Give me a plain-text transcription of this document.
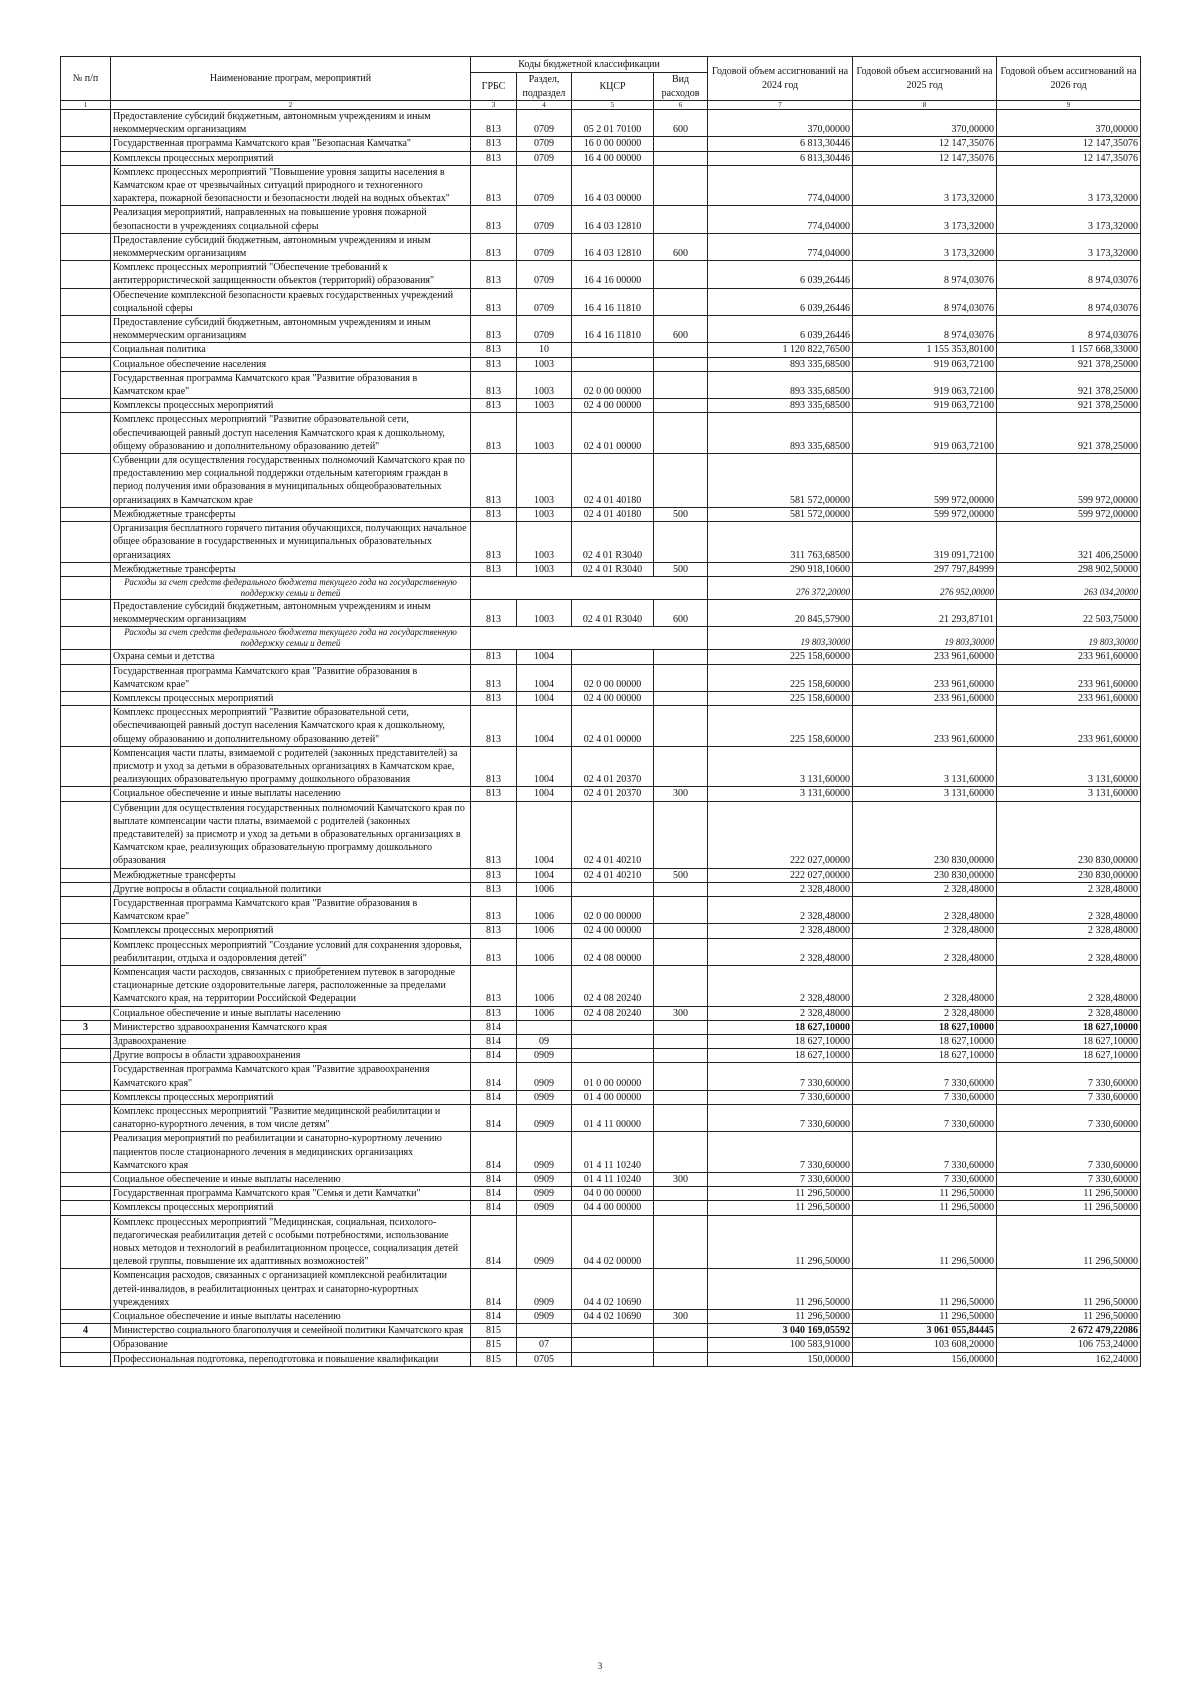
№ п/п	Наименование програм, мероприятий	Коды бюджетной классификации				Годовой объем ассигнований на 2024 год	Годовой объем ассигнований на 2025 год	Годовой объем ассигнований на 2026 год
		ГРБС	Раздел, подраздел	КЦСР	Вид расходов			
1	2	3	4	5	6	7	8	9
	Предоставление субсидий бюджетным, автономным учреждениям и иным некоммерческим организациям	813	0709	05 2 01 70100	600	370,00000	370,00000	370,00000
	Государственная программа Камчатского края "Безопасная Камчатка"	813	0709	16 0 00 00000		6 813,30446	12 147,35076	12 147,35076
	Комплексы процессных мероприятий	813	0709	16 4 00 00000		6 813,30446	12 147,35076	12 147,35076
	Комплекс процессных мероприятий "Повышение уровня защиты населения в Камчатском крае от чрезвычайных ситуаций природного и техногенного характера, пожарной безопасности и безопасности людей на водных объектах"	813	0709	16 4 03 00000		774,04000	3 173,32000	3 173,32000
	Реализация мероприятий, направленных на повышение уровня пожарной безопасности в учреждениях социальной сферы	813	0709	16 4 03 12810		774,04000	3 173,32000	3 173,32000
	Предоставление субсидий бюджетным, автономным учреждениям и иным некоммерческим организациям	813	0709	16 4 03 12810	600	774,04000	3 173,32000	3 173,32000
	Комплекс процессных мероприятий "Обеспечение требований к антитеррористической защищенности объектов (территорий) образования"	813	0709	16 4 16 00000		6 039,26446	8 974,03076	8 974,03076
	Обеспечение комплексной безопасности краевых государственных учреждений социальной сферы	813	0709	16 4 16 11810		6 039,26446	8 974,03076	8 974,03076
	Предоставление субсидий бюджетным, автономным учреждениям и иным некоммерческим организациям	813	0709	16 4 16 11810	600	6 039,26446	8 974,03076	8 974,03076
	Социальная политика	813	10			1 120 822,76500	1 155 353,80100	1 157 668,33000
	Социальное обеспечение населения	813	1003			893 335,68500	919 063,72100	921 378,25000
	Государственная программа Камчатского края "Развитие образования в Камчатском крае"	813	1003	02 0 00 00000		893 335,68500	919 063,72100	921 378,25000
	Комплексы процессных мероприятий	813	1003	02 4 00 00000		893 335,68500	919 063,72100	921 378,25000
	Комплекс процессных мероприятий "Развитие образовательной сети, обеспечивающей равный доступ населения Камчатского края к дошкольному, общему образованию и дополнительному образованию детей"	813	1003	02 4 01 00000		893 335,68500	919 063,72100	921 378,25000
	Субвенции для осуществления государственных полномочий Камчатского края по предоставлению мер социальной поддержки отдельным категориям граждан в период получения ими образования в муниципальных общеобразовательных организациях в Камчатском крае	813	1003	02 4 01 40180		581 572,00000	599 972,00000	599 972,00000
	Межбюджетные трансферты	813	1003	02 4 01 40180	500	581 572,00000	599 972,00000	599 972,00000
	Организация бесплатного горячего питания обучающихся, получающих начальное общее образование в государственных и муниципальных образовательных организациях	813	1003	02 4 01 R3040		311 763,68500	319 091,72100	321 406,25000
	Межбюджетные трансферты	813	1003	02 4 01 R3040	500	290 918,10600	297 797,84999	298 902,50000
	Расходы за счет средств федерального бюджета текущего года на государственную поддержку семьи и детей					276 372,20000	276 952,00000	263 034,20000
	Предоставление субсидий бюджетным, автономным учреждениям и иным некоммерческим организациям	813	1003	02 4 01 R3040	600	20 845,57900	21 293,87101	22 503,75000
	Расходы за счет средств федерального бюджета текущего года на государственную поддержку семьи и детей					19 803,30000	19 803,30000	19 803,30000
	Охрана семьи и детства	813	1004			225 158,60000	233 961,60000	233 961,60000
	Государственная программа Камчатского края "Развитие образования в Камчатском крае"	813	1004	02 0 00 00000		225 158,60000	233 961,60000	233 961,60000
	Комплексы процессных мероприятий	813	1004	02 4 00 00000		225 158,60000	233 961,60000	233 961,60000
	Комплекс процессных мероприятий "Развитие образовательной сети, обеспечивающей равный доступ населения Камчатского края к дошкольному, общему образованию и дополнительному образованию детей"	813	1004	02 4 01 00000		225 158,60000	233 961,60000	233 961,60000
	Компенсация части платы, взимаемой с родителей (законных представителей) за присмотр и уход за детьми в образовательных организациях в Камчатском крае, реализующих образовательную программу дошкольного образования	813	1004	02 4 01 20370		3 131,60000	3 131,60000	3 131,60000
	Социальное обеспечение и иные выплаты населению	813	1004	02 4 01 20370	300	3 131,60000	3 131,60000	3 131,60000
	Субвенции для осуществления государственных полномочий Камчатского края по выплате компенсации части платы, взимаемой с родителей (законных представителей) за присмотр и уход за детьми в образовательных организациях в Камчатском крае, реализующих образовательную программу дошкольного образования	813	1004	02 4 01 40210		222 027,00000	230 830,00000	230 830,00000
	Межбюджетные трансферты	813	1004	02 4 01 40210	500	222 027,00000	230 830,00000	230 830,00000
	Другие вопросы в области социальной политики	813	1006			2 328,48000	2 328,48000	2 328,48000
	Государственная программа Камчатского края "Развитие образования в Камчатском крае"	813	1006	02 0 00 00000		2 328,48000	2 328,48000	2 328,48000
	Комплексы процессных мероприятий	813	1006	02 4 00 00000		2 328,48000	2 328,48000	2 328,48000
	Комплекс процессных мероприятий "Создание условий для сохранения здоровья, реабилитации, отдыха и оздоровления детей"	813	1006	02 4 08 00000		2 328,48000	2 328,48000	2 328,48000
	Компенсация части расходов, связанных с приобретением путевок в загородные стационарные детские оздоровительные лагеря, расположенные за пределами Камчатского края, на территории Российской Федерации	813	1006	02 4 08 20240		2 328,48000	2 328,48000	2 328,48000
	Социальное обеспечение и иные выплаты населению	813	1006	02 4 08 20240	300	2 328,48000	2 328,48000	2 328,48000
3	Министерство здравоохранения Камчатского края	814				18 627,10000	18 627,10000	18 627,10000
	Здравоохранение	814	09			18 627,10000	18 627,10000	18 627,10000
	Другие вопросы в области здравоохранения	814	0909			18 627,10000	18 627,10000	18 627,10000
	Государственная программа Камчатского края "Развитие здравоохранения Камчатского края"	814	0909	01 0 00 00000		7 330,60000	7 330,60000	7 330,60000
	Комплексы процессных мероприятий	814	0909	01 4 00 00000		7 330,60000	7 330,60000	7 330,60000
	Комплекс процессных мероприятий "Развитие медицинской реабилитации и санаторно-курортного лечения, в том числе детям"	814	0909	01 4 11 00000		7 330,60000	7 330,60000	7 330,60000
	Реализация мероприятий по реабилитации и санаторно-курортному лечению пациентов после стационарного лечения в медицинских организациях Камчатского края	814	0909	01 4 11 10240		7 330,60000	7 330,60000	7 330,60000
	Социальное обеспечение и иные выплаты населению	814	0909	01 4 11 10240	300	7 330,60000	7 330,60000	7 330,60000
	Государственная программа Камчатского края "Семья и дети Камчатки"	814	0909	04 0 00 00000		11 296,50000	11 296,50000	11 296,50000
	Комплексы процессных мероприятий	814	0909	04 4 00 00000		11 296,50000	11 296,50000	11 296,50000
	Комплекс процессных мероприятий "Медицинская, социальная, психолого-педагогическая реабилитация детей с особыми потребностями, использование новых методов и технологий в реабилитационном процессе, социализация детей целевой группы, повышение их адаптивных возможностей"	814	0909	04 4 02 00000		11 296,50000	11 296,50000	11 296,50000
	Компенсация расходов, связанных с организацией комплексной реабилитации детей-инвалидов, в реабилитационных центрах и санаторно-курортных учреждениях	814	0909	04 4 02 10690		11 296,50000	11 296,50000	11 296,50000
	Социальное обеспечение и иные выплаты населению	814	0909	04 4 02 10690	300	11 296,50000	11 296,50000	11 296,50000
4	Министерство социального благополучия и семейной политики Камчатского края	815				3 040 169,05592	3 061 055,84445	2 672 479,22086
	Образование	815	07			100 583,91000	103 608,20000	106 753,24000
	Профессиональная подготовка, переподготовка и повышение квалификации	815	0705			150,00000	156,00000	162,24000
3
